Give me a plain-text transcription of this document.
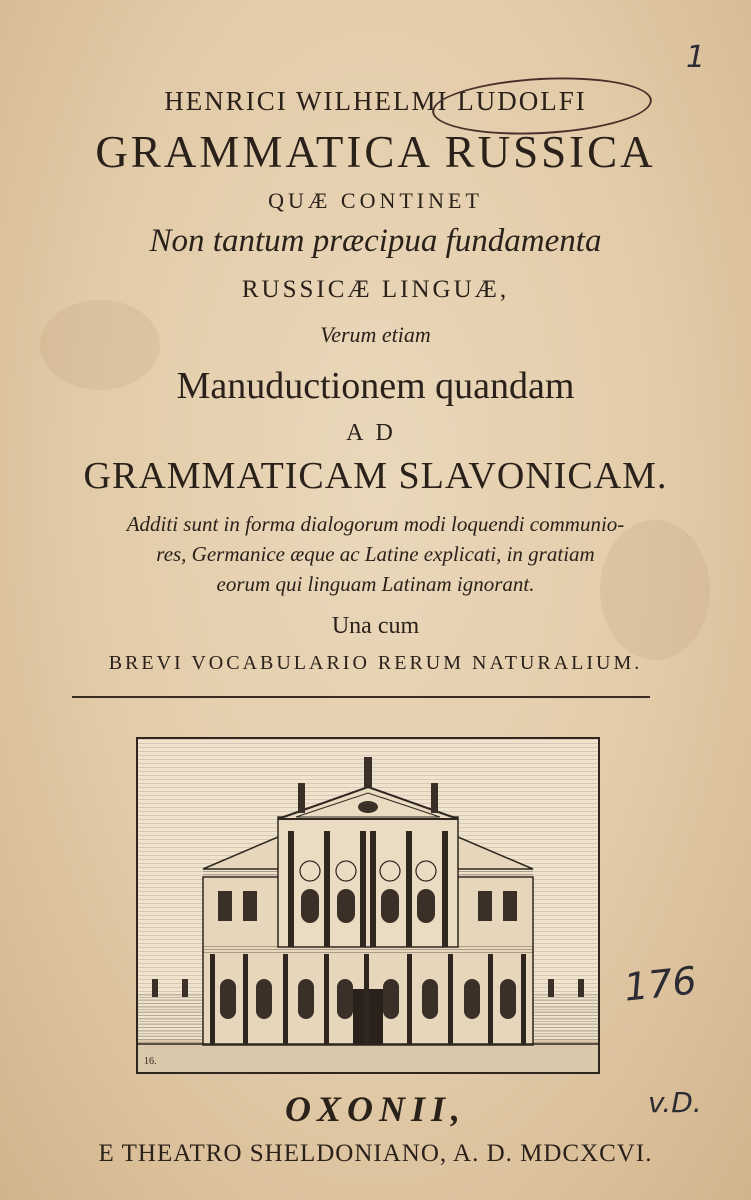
1
HENRICI WILHELMI LUDOLFI
GRAMMATICA RUSSICA
QUÆ CONTINET
Non tantum præcipua fundamenta
RUSSICÆ LINGUÆ,
Verum etiam
Manuductionem quandam
AD
GRAMMATICAM SLAVONICAM.
Additi sunt in forma dialogorum modi loquendi communio-
res, Germanice æque ac Latine explicati, in gratiam
eorum qui linguam Latinam ignorant.
Una cum
BREVI VOCABULARIO RERUM NATURALIUM.
16.
176
v.D.
OXONII,
E THEATRO SHELDONIANO, A. D. MDCXCVI.
